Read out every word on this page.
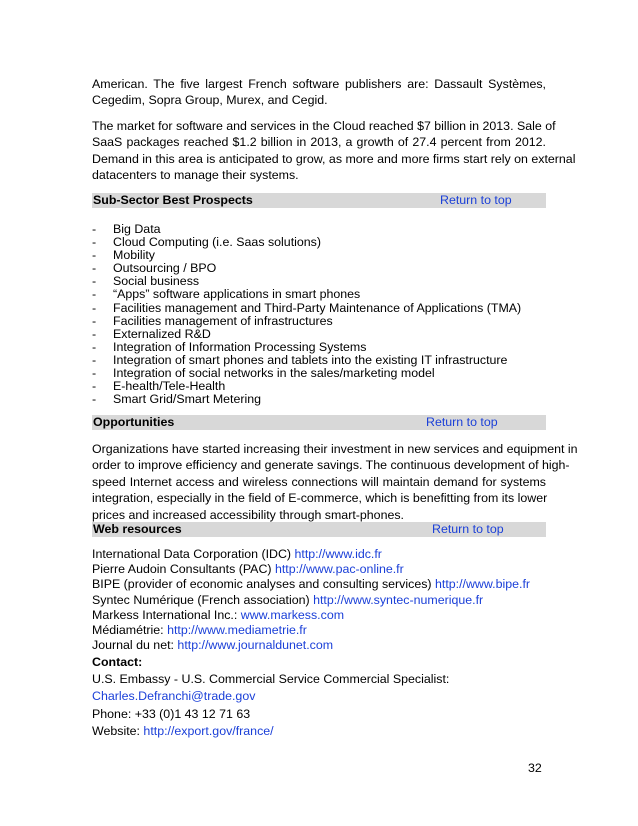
American. The five largest French software publishers are: Dassault Systèmes,
Cegedim, Sopra Group, Murex, and Cegid.
The market for software and services in the Cloud reached $7 billion in 2013. Sale of
SaaS packages reached $1.2 billion in 2013, a growth of 27.4 percent from 2012.
Demand in this area is anticipated to grow, as more and more firms start rely on external
datacenters to manage their systems.
Sub-Sector Best Prospects	Return to top
- Big Data
- Cloud Computing (i.e. Saas solutions)
- Mobility
- Outsourcing / BPO
- Social business
- “Apps” software applications in smart phones
- Facilities management and Third-Party Maintenance of Applications (TMA)
- Facilities management of infrastructures
- Externalized R&D
- Integration of Information Processing Systems
- Integration of smart phones and tablets into the existing IT infrastructure
- Integration of social networks in the sales/marketing model
- E-health/Tele-Health
- Smart Grid/Smart Metering
Opportunities	Return to top
Organizations have started increasing their investment in new services and equipment in
order to improve efficiency and generate savings. The continuous development of high-
speed Internet access and wireless connections will maintain demand for systems
integration, especially in the field of E-commerce, which is benefitting from its lower
prices and increased accessibility through smart-phones.
Web resources	Return to top
International Data Corporation (IDC) http://www.idc.fr
Pierre Audoin Consultants (PAC) http://www.pac-online.fr
BIPE (provider of economic analyses and consulting services) http://www.bipe.fr
Syntec Numérique (French association) http://www.syntec-numerique.fr
Markess International Inc.: www.markess.com
Médiamétrie: http://www.mediametrie.fr
Journal du net: http://www.journaldunet.com
Contact:
U.S. Embassy - U.S. Commercial Service Commercial Specialist:
Charles.Defranchi@trade.gov
Phone: +33 (0)1 43 12 71 63
Website: http://export.gov/france/
32
